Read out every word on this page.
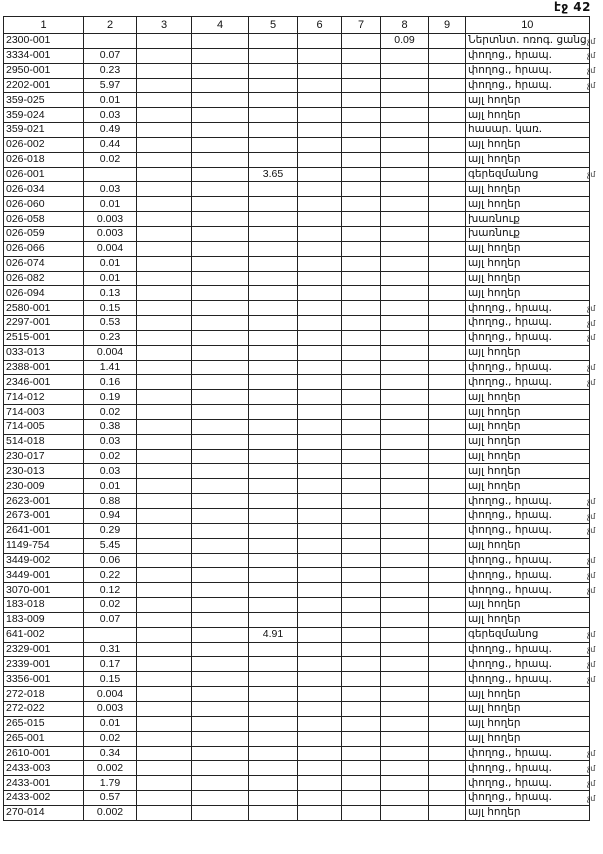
էջ 42
1	2	3	4	5	6	7	8	9	10
2300-001							0.09		Ներտնտ. ոռոգ. ցանց
3334-001	0.07								փողոց., հրապ.
2950-001	0.23								փողոց., հրապ.
2202-001	5.97								փողոց., հրապ.
359-025	0.01								այլ հողեր
359-024	0.03								այլ հողեր
359-021	0.49								հասար. կառ.
026-002	0.44								այլ հողեր
026-018	0.02								այլ հողեր
026-001				3.65					գերեզմանոց
026-034	0.03								այլ հողեր
026-060	0.01								այլ հողեր
026-058	0.003								խառնուք
026-059	0.003								խառնուք
026-066	0.004								այլ հողեր
026-074	0.01								այլ հողեր
026-082	0.01								այլ հողեր
026-094	0.13								այլ հողեր
2580-001	0.15								փողոց., հրապ.
2297-001	0.53								փողոց., հրապ.
2515-001	0.23								փողոց., հրապ.
033-013	0.004								այլ հողեր
2388-001	1.41								փողոց., հրապ.
2346-001	0.16								փողոց., հրապ.
714-012	0.19								այլ հողեր
714-003	0.02								այլ հողեր
714-005	0.38								այլ հողեր
514-018	0.03								այլ հողեր
230-017	0.02								այլ հողեր
230-013	0.03								այլ հողեր
230-009	0.01								այլ հողեր
2623-001	0.88								փողոց., հրապ.
2673-001	0.94								փողոց., հրապ.
2641-001	0.29								փողոց., հրապ.
1149-754	5.45								այլ հողեր
3449-002	0.06								փողոց., հրապ.
3449-001	0.22								փողոց., հրապ.
3070-001	0.12								փողոց., հրապ.
183-018	0.02								այլ հողեր
183-009	0.07								այլ հողեր
641-002				4.91					գերեզմանոց
2329-001	0.31								փողոց., հրապ.
2339-001	0.17								փողոց., հրապ.
3356-001	0.15								փողոց., հրապ.
272-018	0.004								այլ հողեր
272-022	0.003								այլ հողեր
265-015	0.01								այլ հողեր
265-001	0.02								այլ հողեր
2610-001	0.34								փողոց., հրապ.
2433-003	0.002								փողոց., հրապ.
2433-001	1.79								փողոց., հրապ.
2433-002	0.57								փողոց., հրապ.
270-014	0.002								այլ հողեր
չմ
չմ
չմ
չմ
չմ
չմ
չմ
չմ
չմ
չմ
չմ
չմ
չմ
չմ
չմ
չմ
չմ
չմ
չմ
չմ
չմ
չմ
չմ
չմ
